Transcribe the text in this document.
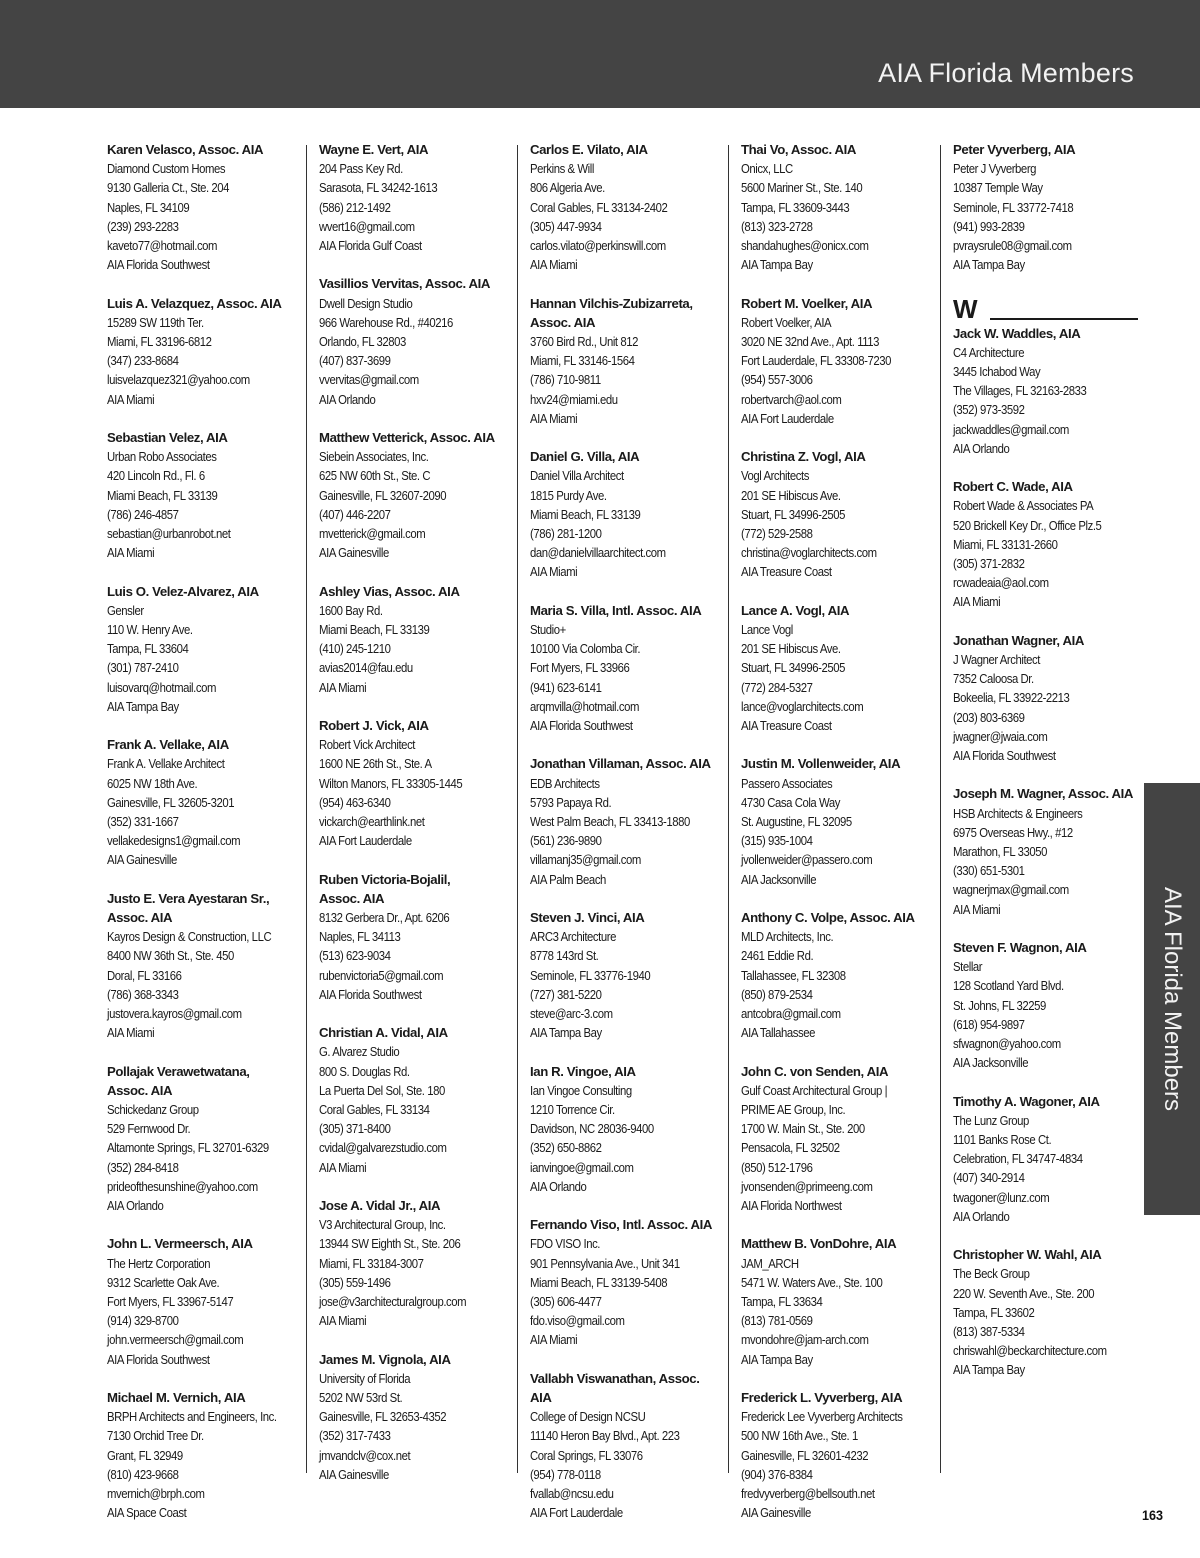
AIA Florida Members
Karen Velasco, Assoc. AIA
Diamond Custom Homes
9130 Galleria Ct., Ste. 204
Naples, FL 34109
(239) 293-2283
kaveto77@hotmail.com
AIA Florida Southwest
Luis A. Velazquez, Assoc. AIA
15289 SW 119th Ter.
Miami, FL 33196-6812
(347) 233-8684
luisvelazquez321@yahoo.com
AIA Miami
Sebastian Velez, AIA
Urban Robo Associates
420 Lincoln Rd., Fl. 6
Miami Beach, FL 33139
(786) 246-4857
sebastian@urbanrobot.net
AIA Miami
Luis O. Velez-Alvarez, AIA
Gensler
110 W. Henry Ave.
Tampa, FL 33604
(301) 787-2410
luisovarq@hotmail.com
AIA Tampa Bay
Frank A. Vellake, AIA
Frank A. Vellake Architect
6025 NW 18th Ave.
Gainesville, FL 32605-3201
(352) 331-1667
vellakedesigns1@gmail.com
AIA Gainesville
Justo E. Vera Ayestaran Sr.,
Assoc. AIA
Kayros Design & Construction, LLC
8400 NW 36th St., Ste. 450
Doral, FL 33166
(786) 368-3343
justovera.kayros@gmail.com
AIA Miami
Pollajak Verawetwatana,
Assoc. AIA
Schickedanz Group
529 Fernwood Dr.
Altamonte Springs, FL 32701-6329
(352) 284-8418
prideofthesunshine@yahoo.com
AIA Orlando
John L. Vermeersch, AIA
The Hertz Corporation
9312 Scarlette Oak Ave.
Fort Myers, FL 33967-5147
(914) 329-8700
john.vermeersch@gmail.com
AIA Florida Southwest
Michael M. Vernich, AIA
BRPH Architects and Engineers, Inc.
7130 Orchid Tree Dr.
Grant, FL 32949
(810) 423-9668
mvernich@brph.com
AIA Space Coast
Wayne E. Vert, AIA
204 Pass Key Rd.
Sarasota, FL 34242-1613
(586) 212-1492
wvert16@gmail.com
AIA Florida Gulf Coast
Vasillios Vervitas, Assoc. AIA
Dwell Design Studio
966 Warehouse Rd., #40216
Orlando, FL 32803
(407) 837-3699
vvervitas@gmail.com
AIA Orlando
Matthew Vetterick, Assoc. AIA
Siebein Associates, Inc.
625 NW 60th St., Ste. C
Gainesville, FL 32607-2090
(407) 446-2207
mvetterick@gmail.com
AIA Gainesville
Ashley Vias, Assoc. AIA
1600 Bay Rd.
Miami Beach, FL 33139
(410) 245-1210
avias2014@fau.edu
AIA Miami
Robert J. Vick, AIA
Robert Vick Architect
1600 NE 26th St., Ste. A
Wilton Manors, FL 33305-1445
(954) 463-6340
vickarch@earthlink.net
AIA Fort Lauderdale
Ruben Victoria-Bojalil,
Assoc. AIA
8132 Gerbera Dr., Apt. 6206
Naples, FL 34113
(513) 623-9034
rubenvictoria5@gmail.com
AIA Florida Southwest
Christian A. Vidal, AIA
G. Alvarez Studio
800 S. Douglas Rd.
La Puerta Del Sol, Ste. 180
Coral Gables, FL 33134
(305) 371-8400
cvidal@galvarezstudio.com
AIA Miami
Jose A. Vidal Jr., AIA
V3 Architectural Group, Inc.
13944 SW Eighth St., Ste. 206
Miami, FL 33184-3007
(305) 559-1496
jose@v3architecturalgroup.com
AIA Miami
James M. Vignola, AIA
University of Florida
5202 NW 53rd St.
Gainesville, FL 32653-4352
(352) 317-7433
jmvandclv@cox.net
AIA Gainesville
Carlos E. Vilato, AIA
Perkins & Will
806 Algeria Ave.
Coral Gables, FL 33134-2402
(305) 447-9934
carlos.vilato@perkinswill.com
AIA Miami
Hannan Vilchis-Zubizarreta,
Assoc. AIA
3760 Bird Rd., Unit 812
Miami, FL 33146-1564
(786) 710-9811
hxv24@miami.edu
AIA Miami
Daniel G. Villa, AIA
Daniel Villa Architect
1815 Purdy Ave.
Miami Beach, FL 33139
(786) 281-1200
dan@danielvillaarchitect.com
AIA Miami
Maria S. Villa, Intl. Assoc. AIA
Studio+
10100 Via Colomba Cir.
Fort Myers, FL 33966
(941) 623-6141
arqmvilla@hotmail.com
AIA Florida Southwest
Jonathan Villaman, Assoc. AIA
EDB Architects
5793 Papaya Rd.
West Palm Beach, FL 33413-1880
(561) 236-9890
villamanj35@gmail.com
AIA Palm Beach
Steven J. Vinci, AIA
ARC3 Architecture
8778 143rd St.
Seminole, FL 33776-1940
(727) 381-5220
steve@arc-3.com
AIA Tampa Bay
Ian R. Vingoe, AIA
Ian Vingoe Consulting
1210 Torrence Cir.
Davidson, NC 28036-9400
(352) 650-8862
ianvingoe@gmail.com
AIA Orlando
Fernando Viso, Intl. Assoc. AIA
FDO VISO Inc.
901 Pennsylvania Ave., Unit 341
Miami Beach, FL 33139-5408
(305) 606-4477
fdo.viso@gmail.com
AIA Miami
Vallabh Viswanathan, Assoc. AIA
College of Design NCSU
11140 Heron Bay Blvd., Apt. 223
Coral Springs, FL 33076
(954) 778-0118
fvallab@ncsu.edu
AIA Fort Lauderdale
Thai Vo, Assoc. AIA
Onicx, LLC
5600 Mariner St., Ste. 140
Tampa, FL 33609-3443
(813) 323-2728
shandahughes@onicx.com
AIA Tampa Bay
Robert M. Voelker, AIA
Robert Voelker, AIA
3020 NE 32nd Ave., Apt. 1113
Fort Lauderdale, FL 33308-7230
(954) 557-3006
robertvarch@aol.com
AIA Fort Lauderdale
Christina Z. Vogl, AIA
Vogl Architects
201 SE Hibiscus Ave.
Stuart, FL 34996-2505
(772) 529-2588
christina@voglarchitects.com
AIA Treasure Coast
Lance A. Vogl, AIA
Lance Vogl
201 SE Hibiscus Ave.
Stuart, FL 34996-2505
(772) 284-5327
lance@voglarchitects.com
AIA Treasure Coast
Justin M. Vollenweider, AIA
Passero Associates
4730 Casa Cola Way
St. Augustine, FL 32095
(315) 935-1004
jvollenweider@passero.com
AIA Jacksonville
Anthony C. Volpe, Assoc. AIA
MLD Architects, Inc.
2461 Eddie Rd.
Tallahassee, FL 32308
(850) 879-2534
antcobra@gmail.com
AIA Tallahassee
John C. von Senden, AIA
Gulf Coast Architectural Group |
PRIME AE Group, Inc.
1700 W. Main St., Ste. 200
Pensacola, FL 32502
(850) 512-1796
jvonsenden@primeeng.com
AIA Florida Northwest
Matthew B. VonDohre, AIA
JAM_ARCH
5471 W. Waters Ave., Ste. 100
Tampa, FL 33634
(813) 781-0569
mvondohre@jam-arch.com
AIA Tampa Bay
Frederick L. Vyverberg, AIA
Frederick Lee Vyverberg Architects
500 NW 16th Ave., Ste. 1
Gainesville, FL 32601-4232
(904) 376-8384
fredvyverberg@bellsouth.net
AIA Gainesville
Peter Vyverberg, AIA
Peter J Vyverberg
10387 Temple Way
Seminole, FL 33772-7418
(941) 993-2839
pvraysrule08@gmail.com
AIA Tampa Bay
W
Jack W. Waddles, AIA
C4 Architecture
3445 Ichabod Way
The Villages, FL 32163-2833
(352) 973-3592
jackwaddles@gmail.com
AIA Orlando
Robert C. Wade, AIA
Robert Wade & Associates PA
520 Brickell Key Dr., Office Plz.5
Miami, FL 33131-2660
(305) 371-2832
rcwadeaia@aol.com
AIA Miami
Jonathan Wagner, AIA
J Wagner Architect
7352 Caloosa Dr.
Bokeelia, FL 33922-2213
(203) 803-6369
jwagner@jwaia.com
AIA Florida Southwest
Joseph M. Wagner, Assoc. AIA
HSB Architects & Engineers
6975 Overseas Hwy., #12
Marathon, FL 33050
(330) 651-5301
wagnerjmax@gmail.com
AIA Miami
Steven F. Wagnon, AIA
Stellar
128 Scotland Yard Blvd.
St. Johns, FL 32259
(618) 954-9897
sfwagnon@yahoo.com
AIA Jacksonville
Timothy A. Wagoner, AIA
The Lunz Group
1101 Banks Rose Ct.
Celebration, FL 34747-4834
(407) 340-2914
twagoner@lunz.com
AIA Orlando
Christopher W. Wahl, AIA
The Beck Group
220 W. Seventh Ave., Ste. 200
Tampa, FL 33602
(813) 387-5334
chriswahl@beckarchitecture.com
AIA Tampa Bay
AIA Florida Members
163
